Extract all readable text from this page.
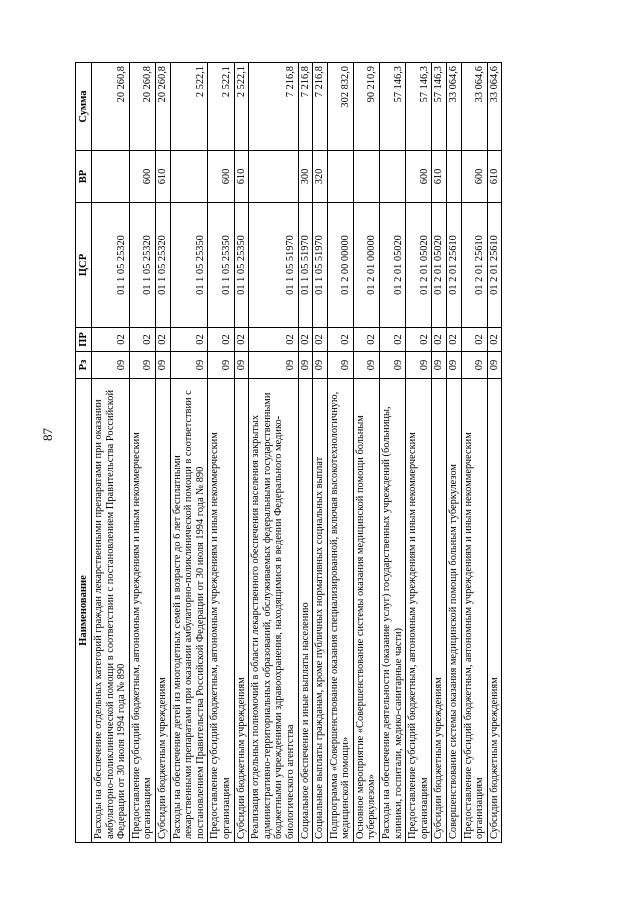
87
Наименование	Рз	ПР	ЦСР	ВР	Сумма
Расходы на обеспечение отдельных категорий граждан лекарственными препаратами при оказании амбулаторно-поликлинической помощи в соответствии с постановлением Правительства Российской Федерации от 30 июля 1994 года № 890	09	02	01 1 05 25320		20 260,8
Предоставление субсидий бюджетным, автономным учреждениям и иным некоммерческим организациям	09	02	01 1 05 25320	600	20 260,8
Субсидии бюджетным учреждениям	09	02	01 1 05 25320	610	20 260,8
Расходы на обеспечение детей из многодетных семей в возрасте до 6 лет бесплатными лекарственными препаратами при оказании амбулаторно-поликлинической помощи в соответствии с постановлением Правительства Российской Федерации от 30 июля 1994 года № 890	09	02	01 1 05 25350		2 522,1
Предоставление субсидий бюджетным, автономным учреждениям и иным некоммерческим организациям	09	02	01 1 05 25350	600	2 522,1
Субсидии бюджетным учреждениям	09	02	01 1 05 25350	610	2 522,1
Реализация отдельных полномочий в области лекарственного обеспечения населения закрытых административно-территориальных образований, обслуживаемых федеральными государственными бюджетными учреждениями здравоохранения, находящимися в ведении Федерального медико-биологического агентства	09	02	01 1 05 51970		7 216,8
Социальное обеспечение и иные выплаты населению	09	02	01 1 05 51970	300	7 216,8
Социальные выплаты гражданам, кроме публичных нормативных социальных выплат	09	02	01 1 05 51970	320	7 216,8
Подпрограмма «Совершенствование оказания специализированной, включая высокотехнологичную, медицинской помощи»	09	02	01 2 00 00000		302 832,0
Основное мероприятие «Совершенствование системы оказания медицинской помощи больным туберкулезом»	09	02	01 2 01 00000		90 210,9
Расходы на обеспечение деятельности (оказание услуг) государственных учреждений (больницы, клиники, госпитали, медико-санитарные части)	09	02	01 2 01 05020		57 146,3
Предоставление субсидий бюджетным, автономным учреждениям и иным некоммерческим организациям	09	02	01 2 01 05020	600	57 146,3
Субсидии бюджетным учреждениям	09	02	01 2 01 05020	610	57 146,3
Совершенствование системы оказания медицинской помощи больным туберкулезом	09	02	01 2 01 25610		33 064,6
Предоставление субсидий бюджетным, автономным учреждениям и иным некоммерческим организациям	09	02	01 2 01 25610	600	33 064,6
Субсидии бюджетным учреждениям	09	02	01 2 01 25610	610	33 064,6
